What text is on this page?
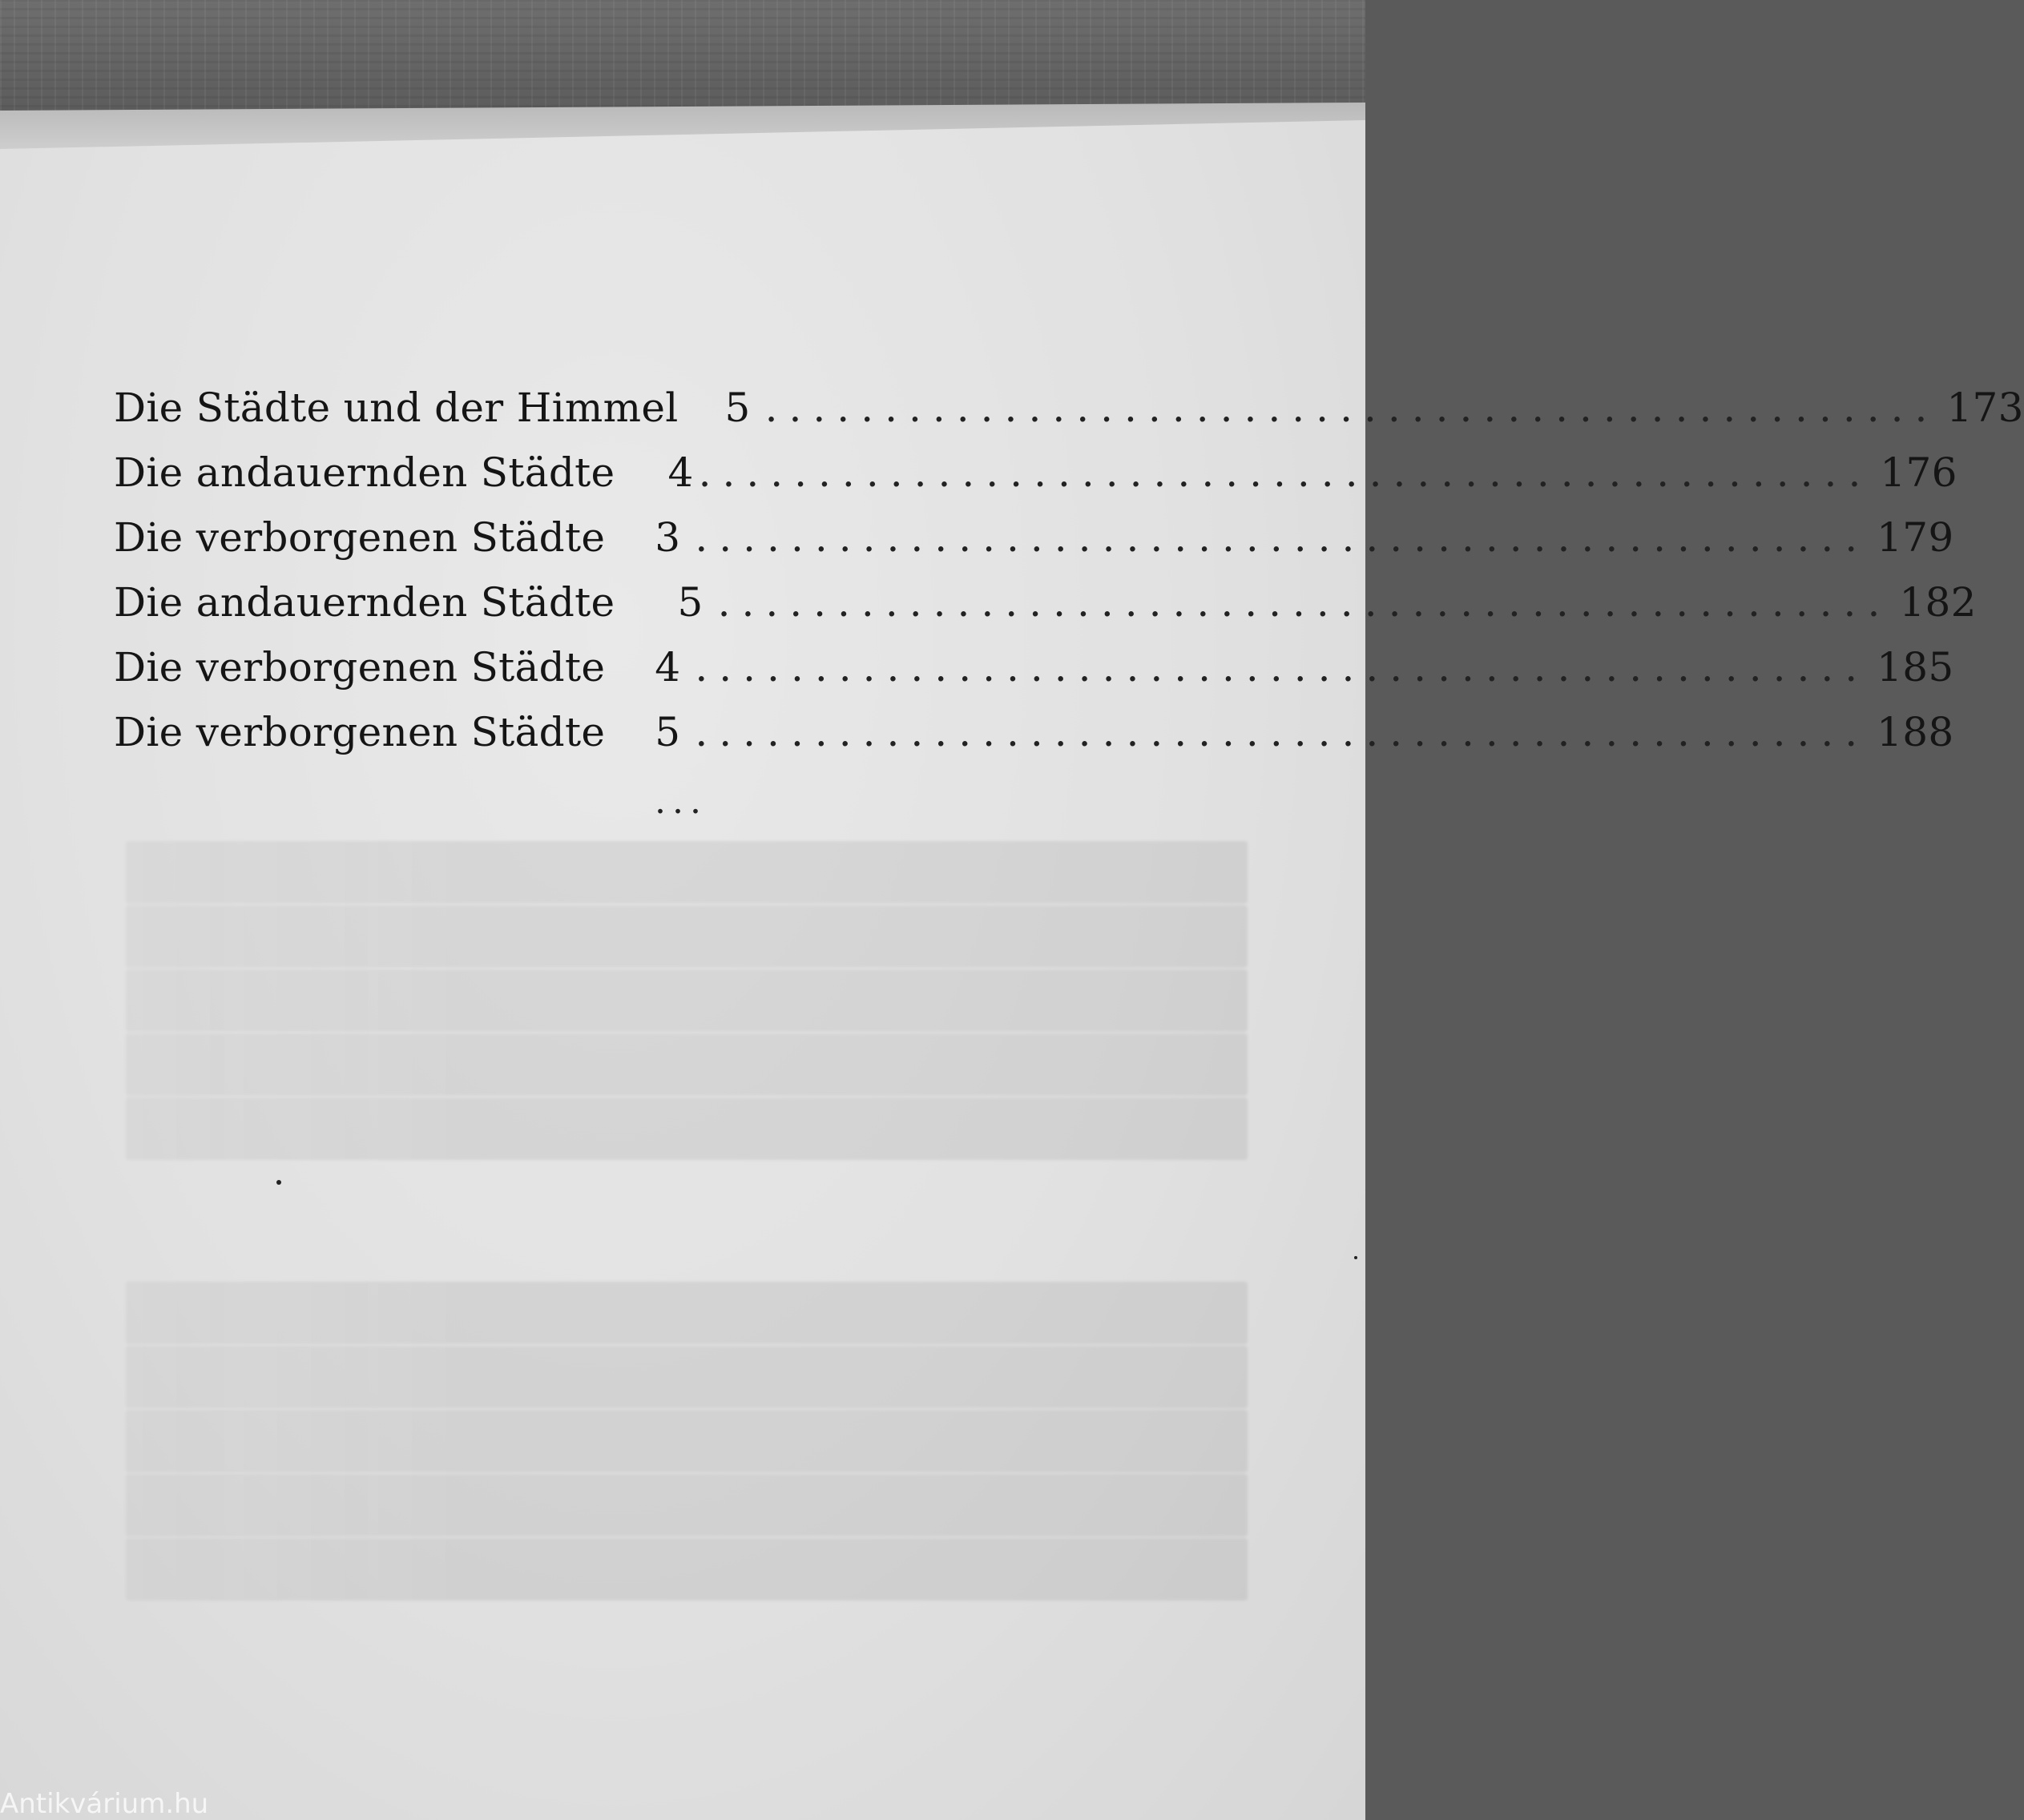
Die Städte und der Himmel 5 ................................................. 173
Die andauernden Städte 4 ................................................. 176
Die verborgenen Städte 3 ................................................. 179
Die andauernden Städte 5 ................................................. 182
Die verborgenen Städte 4 ................................................. 185
Die verborgenen Städte 5 ................................................. 188
...
Antikvárium.hu
